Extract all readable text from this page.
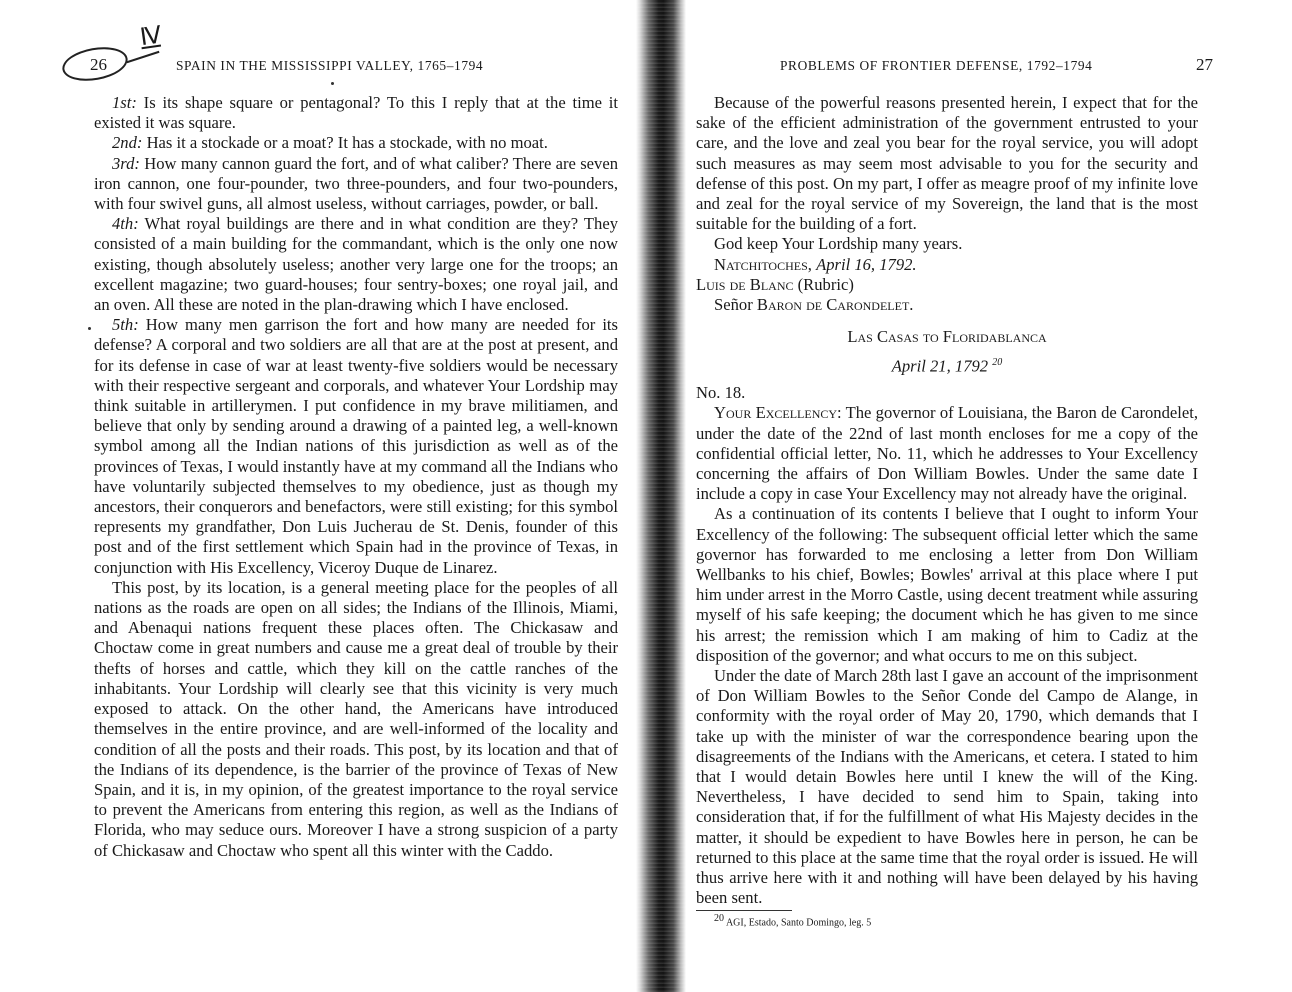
IV
26	SPAIN IN THE MISSISSIPPI VALLEY, 1765–1794

1st: Is its shape square or pentagonal? To this I reply that at the time it existed it was square.

2nd: Has it a stockade or a moat? It has a stockade, with no moat.

3rd: How many cannon guard the fort, and of what caliber? There are seven iron cannon, one four-pounder, two three-pounders, and four two-pounders, with four swivel guns, all almost useless, without carriages, powder, or ball.

4th: What royal buildings are there and in what condition are they? They consisted of a main building for the commandant, which is the only one now existing, though absolutely useless; another very large one for the troops; an excellent magazine; two guard-houses; four sentry-boxes; one royal jail, and an oven. All these are noted in the plan-drawing which I have enclosed.

5th: How many men garrison the fort and how many are needed for its defense? A corporal and two soldiers are all that are at the post at present, and for its defense in case of war at least twenty-five soldiers would be necessary with their respective sergeant and corporals, and whatever Your Lordship may think suitable in artillerymen. I put confidence in my brave militiamen, and believe that only by sending around a drawing of a painted leg, a well-known symbol among all the Indian nations of this jurisdiction as well as of the provinces of Texas, I would instantly have at my command all the Indians who have voluntarily subjected themselves to my obedience, just as though my ancestors, their conquerors and benefactors, were still existing; for this symbol represents my grandfather, Don Luis Jucherau de St. Denis, founder of this post and of the first settlement which Spain had in the province of Texas, in conjunction with His Excellency, Viceroy Duque de Linarez.

This post, by its location, is a general meeting place for the peoples of all nations as the roads are open on all sides; the Indians of the Illinois, Miami, and Abenaqui nations frequent these places often. The Chickasaw and Choctaw come in great numbers and cause me a great deal of trouble by their thefts of horses and cattle, which they kill on the cattle ranches of the inhabitants. Your Lordship will clearly see that this vicinity is very much exposed to attack. On the other hand, the Americans have introduced themselves in the entire province, and are well-informed of the locality and condition of all the posts and their roads. This post, by its location and that of the Indians of its dependence, is the barrier of the province of Texas of New Spain, and it is, in my opinion, of the greatest importance to the royal service to prevent the Americans from entering this region, as well as the Indians of Florida, who may seduce ours. Moreover I have a strong suspicion of a party of Chickasaw and Choctaw who spent all this winter with the Caddo.

PROBLEMS OF FRONTIER DEFENSE, 1792–1794	27

Because of the powerful reasons presented herein, I expect that for the sake of the efficient administration of the government entrusted to your care, and the love and zeal you bear for the royal service, you will adopt such measures as may seem most advisable to you for the security and defense of this post. On my part, I offer as meagre proof of my infinite love and zeal for the royal service of my Sovereign, the land that is the most suitable for the building of a fort.

God keep Your Lordship many years.

Natchitoches, April 16, 1792.

Luis de Blanc (Rubric)

Señor Baron de Carondelet.

Las Casas to Floridablanca

April 21, 1792 $^{20}$

No. 18.

Your Excellency: The governor of Louisiana, the Baron de Carondelet, under the date of the 22nd of last month encloses for me a copy of the confidential official letter, No. 11, which he addresses to Your Excellency concerning the affairs of Don William Bowles. Under the same date I include a copy in case Your Excellency may not already have the original.

As a continuation of its contents I believe that I ought to inform Your Excellency of the following: The subsequent official letter which the same governor has forwarded to me enclosing a letter from Don William Wellbanks to his chief, Bowles; Bowles' arrival at this place where I put him under arrest in the Morro Castle, using decent treatment while assuring myself of his safe keeping; the document which he has given to me since his arrest; the remission which I am making of him to Cadiz at the disposition of the governor; and what occurs to me on this subject.

Under the date of March 28th last I gave an account of the imprisonment of Don William Bowles to the Señor Conde del Campo de Alange, in conformity with the royal order of May 20, 1790, which demands that I take up with the minister of war the correspondence bearing upon the disagreements of the Indians with the Americans, et cetera. I stated to him that I would detain Bowles here until I knew the will of the King. Nevertheless, I have decided to send him to Spain, taking into consideration that, if for the fulfillment of what His Majesty decides in the matter, it should be expedient to have Bowles here in person, he can be returned to this place at the same time that the royal order is issued. He will thus arrive here with it and nothing will have been delayed by his having been sent.

$^{20}$ AGI, Estado, Santo Domingo, leg. 5
